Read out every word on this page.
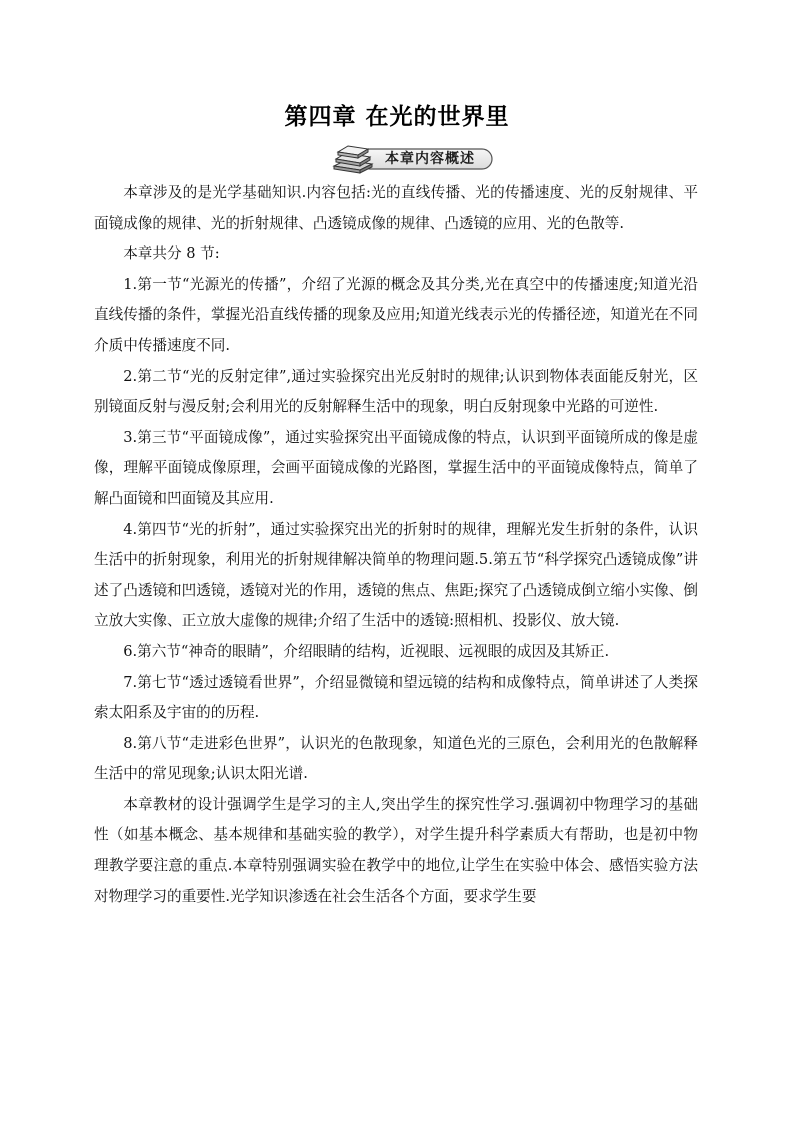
第四章 在光的世界里
本章内容概述

本章涉及的是光学基础知识.内容包括:光的直线传播、光的传播速度、光的反射规律、平面镜成像的规律、光的折射规律、凸透镜成像的规律、凸透镜的应用、光的色散等.

本章共分 8 节:

1.第一节“光源光的传播”，介绍了光源的概念及其分类,光在真空中的传播速度;知道光沿直线传播的条件，掌握光沿直线传播的现象及应用;知道光线表示光的传播径迹，知道光在不同介质中传播速度不同.

2.第二节“光的反射定律”,通过实验探究出光反射时的规律;认识到物体表面能反射光，区别镜面反射与漫反射;会利用光的反射解释生活中的现象，明白反射现象中光路的可逆性.

3.第三节“平面镜成像”，通过实验探究出平面镜成像的特点，认识到平面镜所成的像是虚像，理解平面镜成像原理，会画平面镜成像的光路图，掌握生活中的平面镜成像特点，简单了解凸面镜和凹面镜及其应用.

4.第四节“光的折射”，通过实验探究出光的折射时的规律，理解光发生折射的条件，认识生活中的折射现象，利用光的折射规律解决简单的物理问题.5.第五节“科学探究凸透镜成像”讲述了凸透镜和凹透镜，透镜对光的作用，透镜的焦点、焦距;探究了凸透镜成倒立缩小实像、倒立放大实像、正立放大虚像的规律;介绍了生活中的透镜:照相机、投影仪、放大镜.

6.第六节“神奇的眼睛”，介绍眼睛的结构，近视眼、远视眼的成因及其矫正.

7.第七节“透过透镜看世界”，介绍显微镜和望远镜的结构和成像特点，简单讲述了人类探索太阳系及宇宙的的历程.

8.第八节“走进彩色世界”，认识光的色散现象，知道色光的三原色，会利用光的色散解释生活中的常见现象;认识太阳光谱.

本章教材的设计强调学生是学习的主人,突出学生的探究性学习.强调初中物理学习的基础性（如基本概念、基本规律和基础实验的教学），对学生提升科学素质大有帮助，也是初中物理教学要注意的重点.本章特别强调实验在教学中的地位,让学生在实验中体会、感悟实验方法对物理学习的重要性.光学知识渗透在社会生活各个方面，要求学生要
